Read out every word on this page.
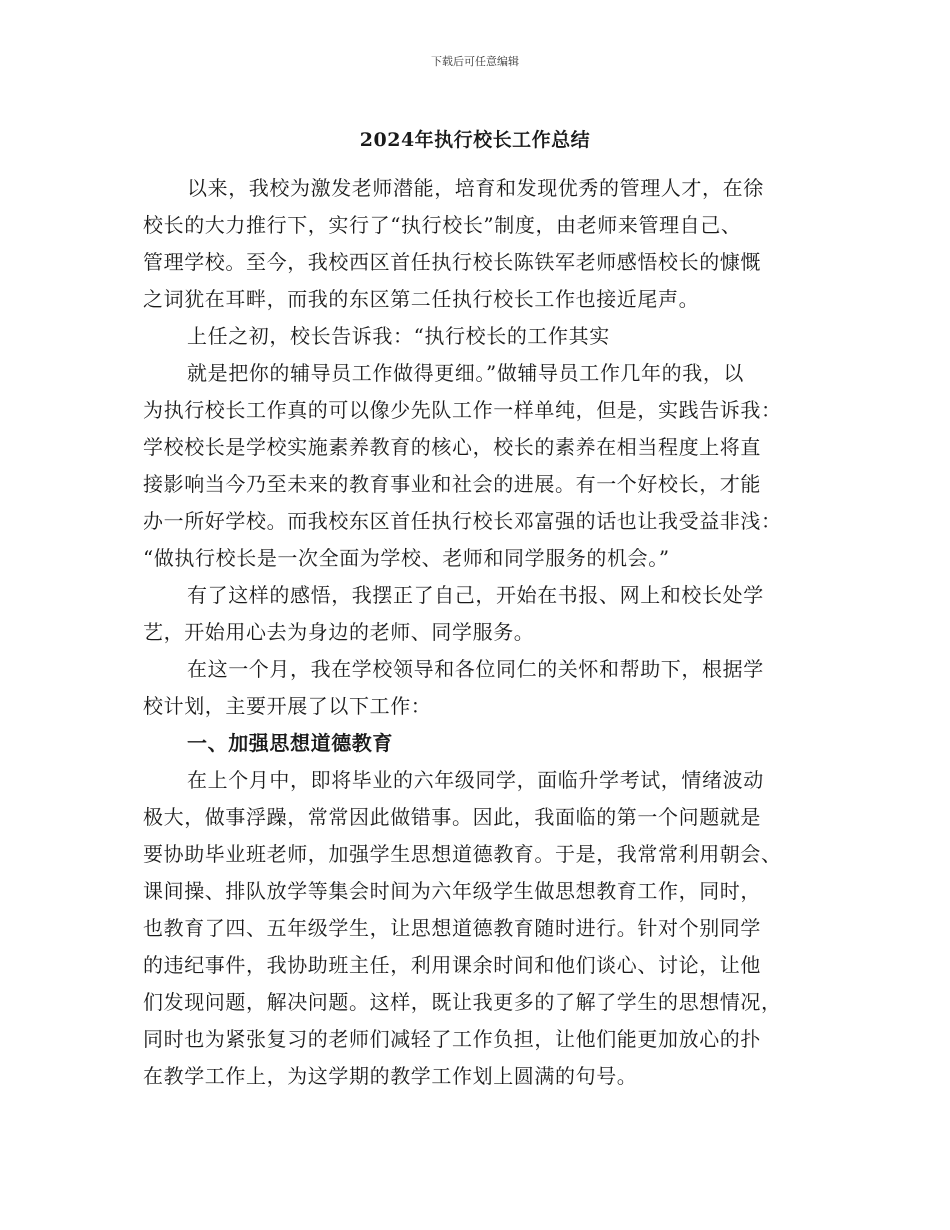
下载后可任意编辑
2024年执行校长工作总结
以来，我校为激发老师潜能，培育和发现优秀的管理人才，在徐
校长的大力推行下，实行了“执行校长”制度，由老师来管理自己、
管理学校。至今，我校西区首任执行校长陈铁军老师感悟校长的慷慨
之词犹在耳畔，而我的东区第二任执行校长工作也接近尾声。
上任之初，校长告诉我：“执行校长的工作其实
就是把你的辅导员工作做得更细。”做辅导员工作几年的我，以
为执行校长工作真的可以像少先队工作一样单纯，但是，实践告诉我：
学校校长是学校实施素养教育的核心，校长的素养在相当程度上将直
接影响当今乃至未来的教育事业和社会的进展。有一个好校长，才能
办一所好学校。而我校东区首任执行校长邓富强的话也让我受益非浅：
“做执行校长是一次全面为学校、老师和同学服务的机会。”
有了这样的感悟，我摆正了自己，开始在书报、网上和校长处学
艺，开始用心去为身边的老师、同学服务。
在这一个月，我在学校领导和各位同仁的关怀和帮助下，根据学
校计划，主要开展了以下工作：
一、加强思想道德教育
在上个月中，即将毕业的六年级同学，面临升学考试，情绪波动
极大，做事浮躁，常常因此做错事。因此，我面临的第一个问题就是
要协助毕业班老师，加强学生思想道德教育。于是，我常常利用朝会、
课间操、排队放学等集会时间为六年级学生做思想教育工作，同时，
也教育了四、五年级学生，让思想道德教育随时进行。针对个别同学
的违纪事件，我协助班主任，利用课余时间和他们谈心、讨论，让他
们发现问题，解决问题。这样，既让我更多的了解了学生的思想情况，
同时也为紧张复习的老师们减轻了工作负担，让他们能更加放心的扑
在教学工作上，为这学期的教学工作划上圆满的句号。
